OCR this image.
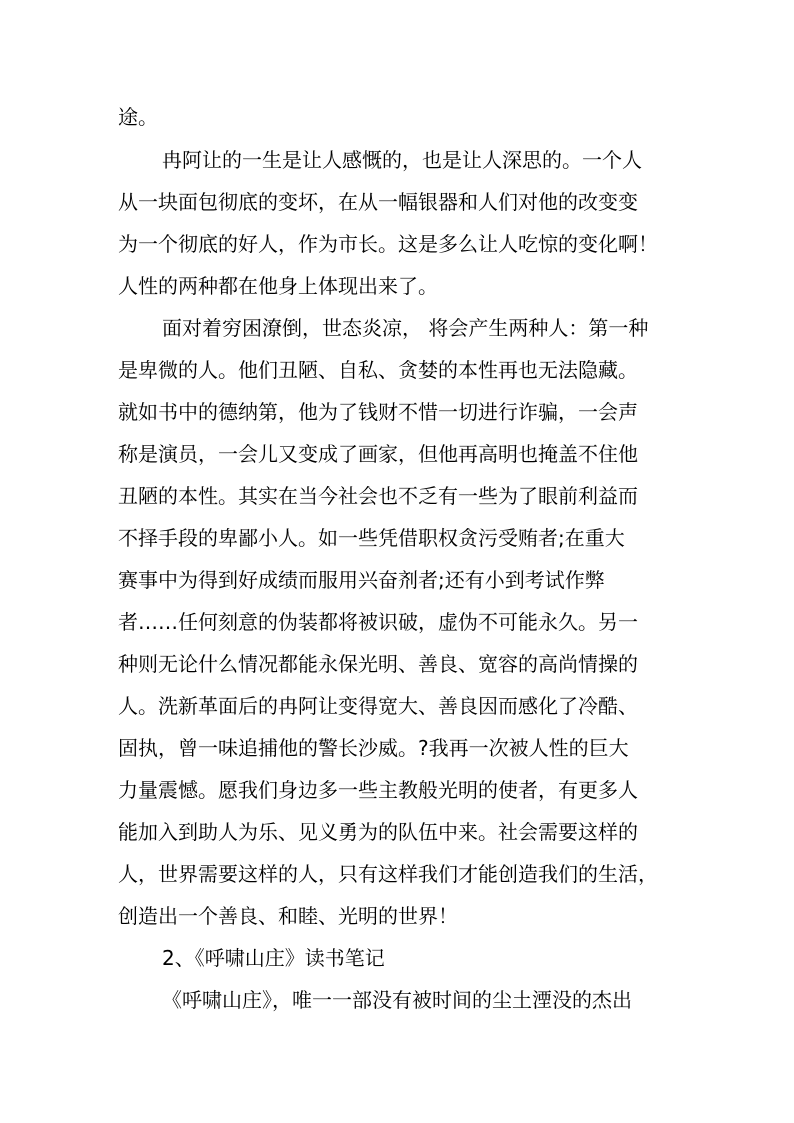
途。
冉阿让的一生是让人感慨的，也是让人深思的。一个人
从一块面包彻底的变坏，在从一幅银器和人们对他的改变变
为一个彻底的好人，作为市长。这是多么让人吃惊的变化啊！
人性的两种都在他身上体现出来了。
面对着穷困潦倒，世态炎凉， 将会产生两种人：第一种
是卑微的人。他们丑陋、自私、贪婪的本性再也无法隐藏。
就如书中的德纳第，他为了钱财不惜一切进行诈骗，一会声
称是演员，一会儿又变成了画家，但他再高明也掩盖不住他
丑陋的本性。其实在当今社会也不乏有一些为了眼前利益而
不择手段的卑鄙小人。如一些凭借职权贪污受贿者;在重大
赛事中为得到好成绩而服用兴奋剂者;还有小到考试作弊
者……任何刻意的伪装都将被识破，虚伪不可能永久。另一
种则无论什么情况都能永保光明、善良、宽容的高尚情操的
人。洗新革面后的冉阿让变得宽大、善良因而感化了冷酷、
固执，曾一味追捕他的警长沙威。?我再一次被人性的巨大
力量震憾。愿我们身边多一些主教般光明的使者，有更多人
能加入到助人为乐、见义勇为的队伍中来。社会需要这样的
人，世界需要这样的人，只有这样我们才能创造我们的生活，
创造出一个善良、和睦、光明的世界！
2、《呼啸山庄》读书笔记
《呼啸山庄》，唯一一部没有被时间的尘土湮没的杰出
